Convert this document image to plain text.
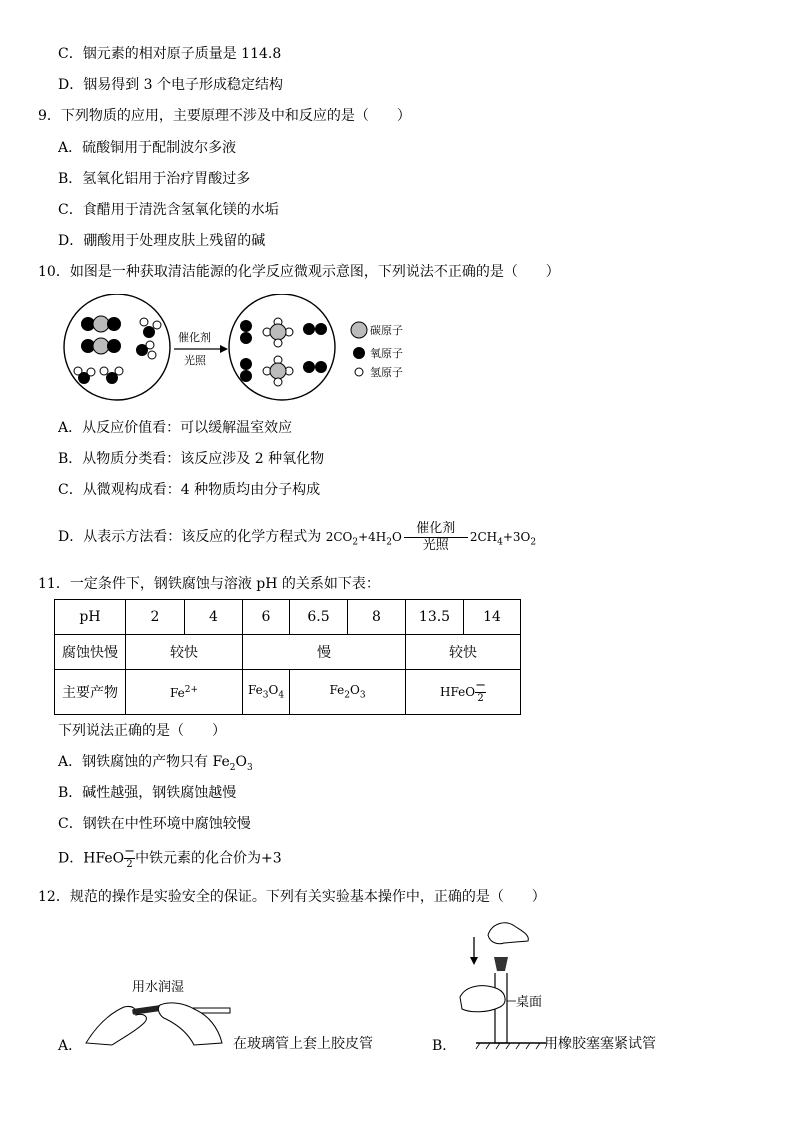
C．铟元素的相对原子质量是 114.8
D．铟易得到 3 个电子形成稳定结构
9．下列物质的应用，主要原理不涉及中和反应的是（　　）
A．硫酸铜用于配制波尔多液
B．氢氧化铝用于治疗胃酸过多
C．食醋用于清洗含氢氧化镁的水垢
D．硼酸用于处理皮肤上残留的碱
10．如图是一种获取清洁能源的化学反应微观示意图，下列说法不正确的是（　　）
催化剂
光照
碳原子
氧原子
氢原子
A．从反应价值看：可以缓解温室效应
B．从物质分类看：该反应涉及 2 种氧化物
C．从微观构成看：4 种物质均由分子构成
D．从表示方法看：该反应的化学方程式为 $2CO_2+4H_2O$
催化剂
光照
$2CH_4+3O_2$
11．一定条件下，钢铁腐蚀与溶液 pH 的关系如下表：
pH	2	4	6	6.5	8	13.5	14
腐蚀快慢	较快		慢			较快	
主要产物	$Fe^{2+}$		$Fe_3O_4$	$Fe_2O_3$		HFeO $\frac{-}{2}$
下列说法正确的是（　　）
A．钢铁腐蚀的产物只有 $Fe_2O_3$
B．碱性越强，钢铁腐蚀越慢
C．钢铁在中性环境中腐蚀较慢
D．HFeO $\frac{-}{2}$ 中铁元素的化合价为+3
12．规范的操作是实验安全的保证。下列有关实验基本操作中，正确的是（　　）
A．
用水润湿
在玻璃管上套上胶皮管	B．
桌面
用橡胶塞塞紧试管
